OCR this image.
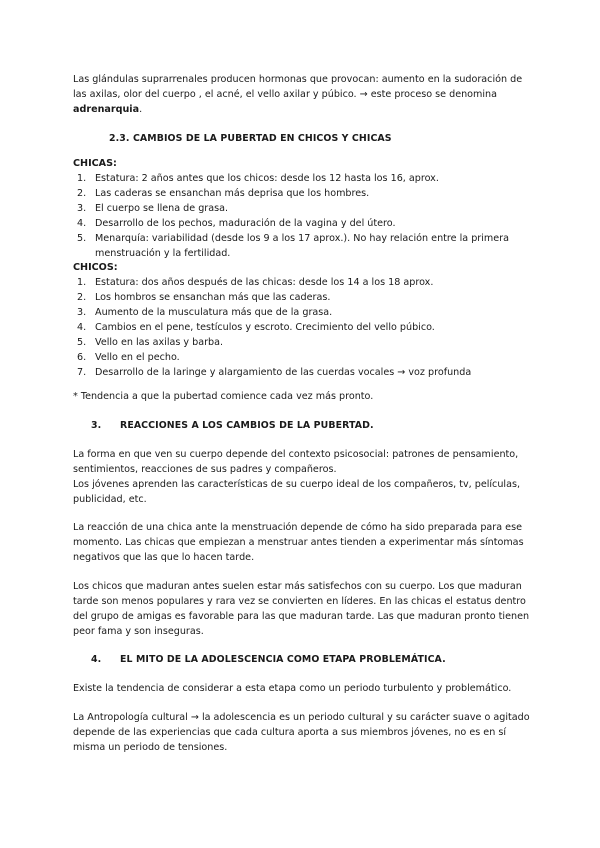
Las glándulas suprarrenales producen hormonas que provocan: aumento en la sudoración de las axilas, olor del cuerpo , el acné, el vello axilar y púbico. → este proceso se denomina adrenarquia.

2.3. CAMBIOS DE LA PUBERTAD EN CHICOS Y CHICAS

CHICAS:

1. Estatura: 2 años antes que los chicos: desde los 12 hasta los 16, aprox.
2. Las caderas se ensanchan más deprisa que los hombres.
3. El cuerpo se llena de grasa.
4. Desarrollo de los pechos, maduración de la vagina y del útero.
5. Menarquía: variabilidad (desde los 9 a los 17 aprox.). No hay relación entre la primera menstruación y la fertilidad.

CHICOS:

1. Estatura: dos años después de las chicas: desde los 14 a los 18 aprox.
2. Los hombros se ensanchan más que las caderas.
3. Aumento de la musculatura más que de la grasa.
4. Cambios en el pene, testículos y escroto. Crecimiento del vello púbico.
5. Vello en las axilas y barba.
6. Vello en el pecho.
7. Desarrollo de la laringe y alargamiento de las cuerdas vocales → voz profunda

* Tendencia a que la pubertad comience cada vez más pronto.

3. REACCIONES A LOS CAMBIOS DE LA PUBERTAD.

La forma en que ven su cuerpo depende del contexto psicosocial: patrones de pensamiento, sentimientos, reacciones de sus padres y compañeros.

Los jóvenes aprenden las características de su cuerpo ideal de los compañeros, tv, películas, publicidad, etc.

La reacción de una chica ante la menstruación depende de cómo ha sido preparada para ese momento. Las chicas que empiezan a menstruar antes tienden a experimentar más síntomas negativos que las que lo hacen tarde.

Los chicos que maduran antes suelen estar más satisfechos con su cuerpo. Los que maduran tarde son menos populares y rara vez se convierten en líderes. En las chicas el estatus dentro del grupo de amigas es favorable para las que maduran tarde. Las que maduran pronto tienen peor fama y son inseguras.

4. EL MITO DE LA ADOLESCENCIA COMO ETAPA PROBLEMÁTICA.

Existe la tendencia de considerar a esta etapa como un periodo turbulento y problemático.

La Antropología cultural → la adolescencia es un periodo cultural y su carácter suave o agitado depende de las experiencias que cada cultura aporta a sus miembros jóvenes, no es en sí misma un periodo de tensiones.
